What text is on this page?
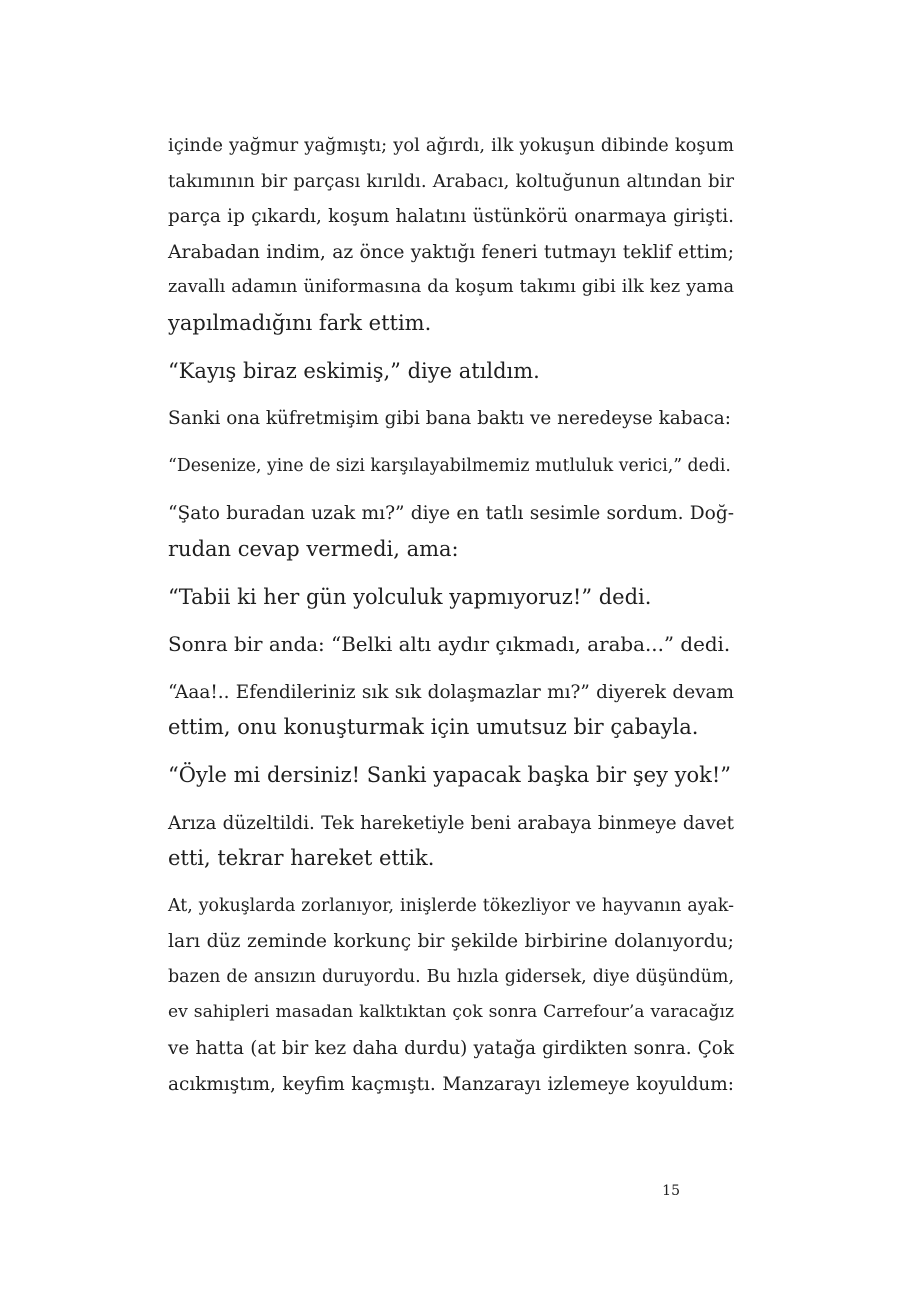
içinde yağmur yağmıştı; yol ağırdı, ilk yokuşun dibinde koşum
takımının bir parçası kırıldı. Arabacı, koltuğunun altından bir
parça ip çıkardı, koşum halatını üstünkörü onarmaya girişti.
Arabadan indim, az önce yaktığı feneri tutmayı teklif ettim;
zavallı adamın üniformasına da koşum takımı gibi ilk kez yama
yapılmadığını fark ettim.

“Kayış biraz eskimiş,” diye atıldım.

Sanki ona küfretmişim gibi bana baktı ve neredeyse kabaca:

“Desenize, yine de sizi karşılayabilmemiz mutluluk verici,” dedi.

“Şato buradan uzak mı?” diye en tatlı sesimle sordum. Doğ-
rudan cevap vermedi, ama:

“Tabii ki her gün yolculuk yapmıyoruz!” dedi.

Sonra bir anda: “Belki altı aydır çıkmadı, araba...” dedi.

“Aaa!.. Efendileriniz sık sık dolaşmazlar mı?” diyerek devam
ettim, onu konuşturmak için umutsuz bir çabayla.

“Öyle mi dersiniz! Sanki yapacak başka bir şey yok!”

Arıza düzeltildi. Tek hareketiyle beni arabaya binmeye davet
etti, tekrar hareket ettik.

At, yokuşlarda zorlanıyor, inişlerde tökezliyor ve hayvanın ayak-
ları düz zeminde korkunç bir şekilde birbirine dolanıyordu;
bazen de ansızın duruyordu. Bu hızla gidersek, diye düşündüm,
ev sahipleri masadan kalktıktan çok sonra Carrefour’a varacağız
ve hatta (at bir kez daha durdu) yatağa girdikten sonra. Çok
acıkmıştım, keyfim kaçmıştı. Manzarayı izlemeye koyuldum:

15
